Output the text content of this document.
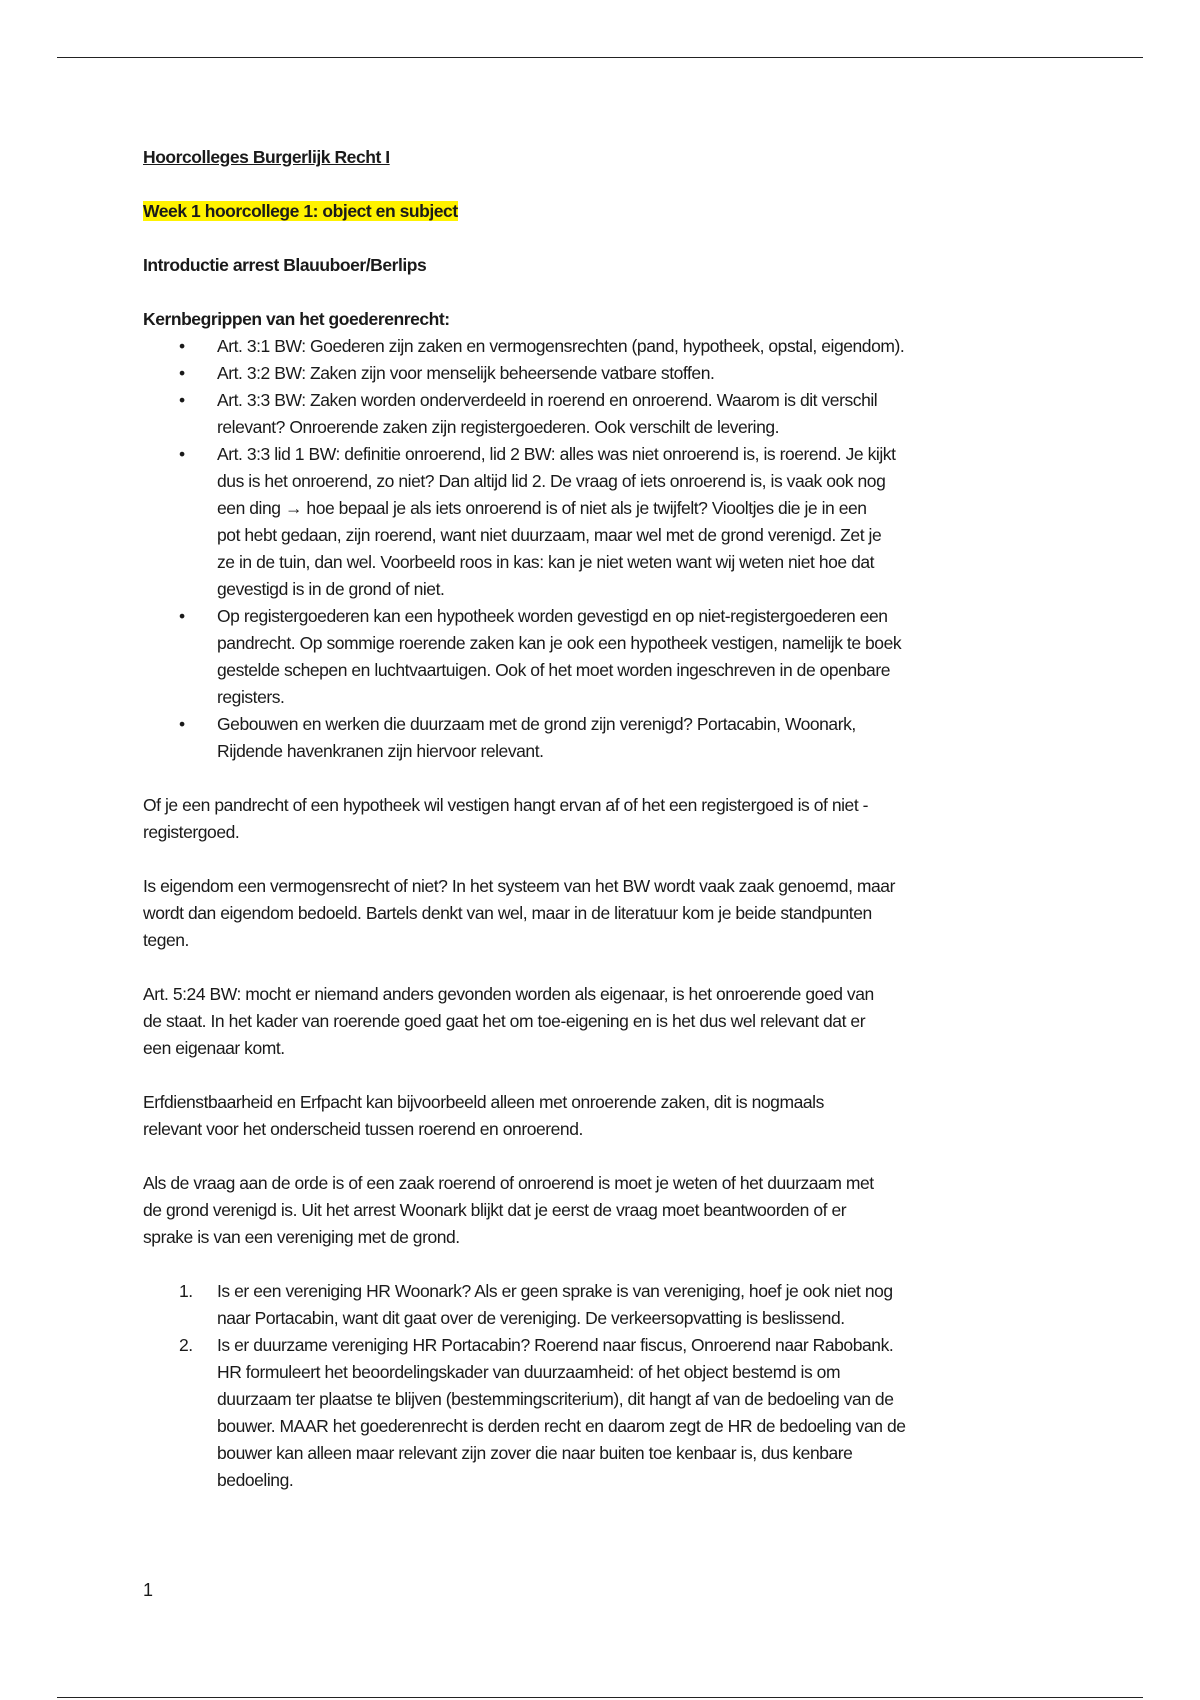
Hoorcolleges Burgerlijk Recht I
Week 1 hoorcollege 1: object en subject
Introductie arrest Blauuboer/Berlips
Kernbegrippen van het goederenrecht:
• Art. 3:1 BW: Goederen zijn zaken en vermogensrechten (pand, hypotheek, opstal, eigendom).
• Art. 3:2 BW: Zaken zijn voor menselijk beheersende vatbare stoffen.
• Art. 3:3 BW: Zaken worden onderverdeeld in roerend en onroerend. Waarom is dit verschil
relevant? Onroerende zaken zijn registergoederen. Ook verschilt de levering.
• Art. 3:3 lid 1 BW: definitie onroerend, lid 2 BW: alles was niet onroerend is, is roerend. Je kijkt
dus is het onroerend, zo niet? Dan altijd lid 2. De vraag of iets onroerend is, is vaak ook nog
een ding → hoe bepaal je als iets onroerend is of niet als je twijfelt? Viooltjes die je in een
pot hebt gedaan, zijn roerend, want niet duurzaam, maar wel met de grond verenigd. Zet je
ze in de tuin, dan wel. Voorbeeld roos in kas: kan je niet weten want wij weten niet hoe dat
gevestigd is in de grond of niet.
• Op registergoederen kan een hypotheek worden gevestigd en op niet-registergoederen een
pandrecht. Op sommige roerende zaken kan je ook een hypotheek vestigen, namelijk te boek
gestelde schepen en luchtvaartuigen. Ook of het moet worden ingeschreven in de openbare
registers.
• Gebouwen en werken die duurzaam met de grond zijn verenigd? Portacabin, Woonark,
Rijdende havenkranen zijn hiervoor relevant.
Of je een pandrecht of een hypotheek wil vestigen hangt ervan af of het een registergoed is of niet -
registergoed.
Is eigendom een vermogensrecht of niet? In het systeem van het BW wordt vaak zaak genoemd, maar
wordt dan eigendom bedoeld. Bartels denkt van wel, maar in de literatuur kom je beide standpunten
tegen.
Art. 5:24 BW: mocht er niemand anders gevonden worden als eigenaar, is het onroerende goed van
de staat. In het kader van roerende goed gaat het om toe-eigening en is het dus wel relevant dat er
een eigenaar komt.
Erfdienstbaarheid en Erfpacht kan bijvoorbeeld alleen met onroerende zaken, dit is nogmaals
relevant voor het onderscheid tussen roerend en onroerend.
Als de vraag aan de orde is of een zaak roerend of onroerend is moet je weten of het duurzaam met
de grond verenigd is. Uit het arrest Woonark blijkt dat je eerst de vraag moet beantwoorden of er
sprake is van een vereniging met de grond.
1. Is er een vereniging HR Woonark? Als er geen sprake is van vereniging, hoef je ook niet nog
naar Portacabin, want dit gaat over de vereniging. De verkeersopvatting is beslissend.
2. Is er duurzame vereniging HR Portacabin? Roerend naar fiscus, Onroerend naar Rabobank.
HR formuleert het beoordelingskader van duurzaamheid: of het object bestemd is om
duurzaam ter plaatse te blijven (bestemmingscriterium), dit hangt af van de bedoeling van de
bouwer. MAAR het goederenrecht is derden recht en daarom zegt de HR de bedoeling van de
bouwer kan alleen maar relevant zijn zover die naar buiten toe kenbaar is, dus kenbare
bedoeling.
1
